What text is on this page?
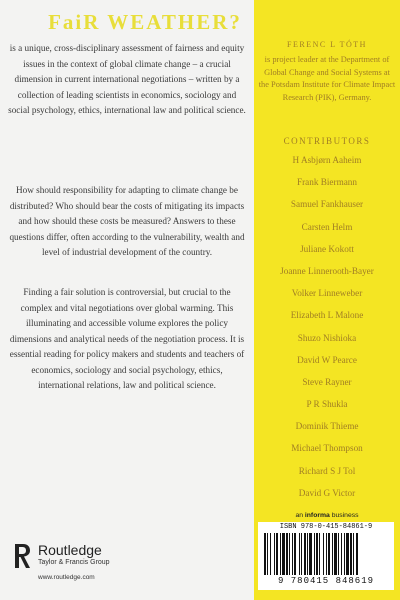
FaiR WEATHER?
is a unique, cross-disciplinary assessment of fairness and equity issues in the context of global climate change – a crucial dimension in current international negotiations – written by a collection of leading scientists in economics, sociology and social psychology, ethics, international law and political science.
How should responsibility for adapting to climate change be distributed? Who should bear the costs of mitigating its impacts and how should these costs be measured? Answers to these questions differ, often according to the vulnerability, wealth and level of industrial development of the country.
Finding a fair solution is controversial, but crucial to the complex and vital negotiations over global warming. This illuminating and accessible volume explores the policy dimensions and analytical needs of the negotiation process. It is essential reading for policy makers and students and teachers of economics, sociology and social psychology, ethics, international relations, law and political science.
Routledge
Taylor & Francis Group
www.routledge.com
FERENC L TÓTH
is project leader at the Department of Global Change and Social Systems at the Potsdam Institute for Climate Impact Research (PIK), Germany.
CONTRIBUTORS
H Asbjørn Aaheim
Frank Biermann
Samuel Fankhauser
Carsten Helm
Juliane Kokott
Joanne Linnerooth-Bayer
Volker Linneweber
Elizabeth L Malone
Shuzo Nishioka
David W Pearce
Steve Rayner
P R Shukla
Dominik Thieme
Michael Thompson
Richard S J Tol
David G Victor
an informa business
ISBN 978-0-415-84861-9
9 780415 848619
